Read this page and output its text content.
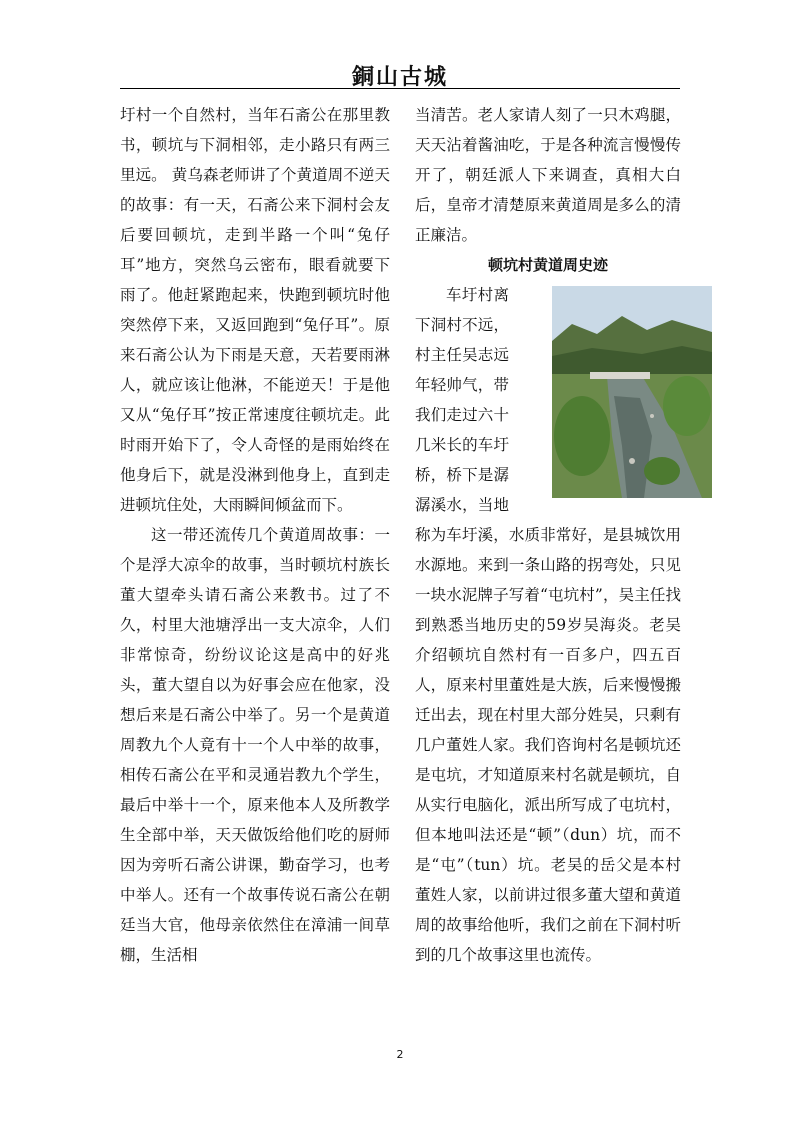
銅山古城

圩村一个自然村，当年石斋公在那里教书，顿坑与下洞相邻，走小路只有两三里远。 黄乌森老师讲了个黄道周不逆天的故事：有一天，石斋公来下洞村会友后要回顿坑，走到半路一个叫“兔仔耳”地方，突然乌云密布，眼看就要下雨了。他赶紧跑起来，快跑到顿坑时他突然停下来，又返回跑到“兔仔耳”。原来石斋公认为下雨是天意，天若要雨淋人，就应该让他淋，不能逆天！于是他又从“兔仔耳”按正常速度往顿坑走。此时雨开始下了，令人奇怪的是雨始终在他身后下，就是没淋到他身上，直到走进顿坑住处，大雨瞬间倾盆而下。

这一带还流传几个黄道周故事：一个是浮大凉伞的故事，当时顿坑村族长董大望牵头请石斋公来教书。过了不久，村里大池塘浮出一支大凉伞，人们非常惊奇，纷纷议论这是高中的好兆头，董大望自以为好事会应在他家，没想后来是石斋公中举了。另一个是黄道周教九个人竟有十一个人中举的故事，相传石斋公在平和灵通岩教九个学生，最后中举十一个，原来他本人及所教学生全部中举，天天做饭给他们吃的厨师因为旁听石斋公讲课，勤奋学习，也考中举人。还有一个故事传说石斋公在朝廷当大官，他母亲依然住在漳浦一间草棚，生活相

当清苦。老人家请人刻了一只木鸡腿，天天沾着酱油吃，于是各种流言慢慢传开了，朝廷派人下来调查，真相大白后，皇帝才清楚原来黄道周是多么的清正廉洁。

顿坑村黄道周史迹

车圩村离下洞村不远，村主任吴志远年轻帅气，带我们走过六十几米长的车圩桥，桥下是潺潺溪水，当地称为车圩溪，水质非常好，是县城饮用水源地。来到一条山路的拐弯处，只见一块水泥牌子写着“屯坑村”，吴主任找到熟悉当地历史的59岁吴海炎。老吴介绍顿坑自然村有一百多户，四五百人，原来村里董姓是大族，后来慢慢搬迁出去，现在村里大部分姓吴，只剩有几户董姓人家。我们咨询村名是顿坑还是屯坑，才知道原来村名就是顿坑，自从实行电脑化，派出所写成了屯坑村，但本地叫法还是“顿”（dun）坑，而不是“屯”（tun）坑。老吴的岳父是本村董姓人家，以前讲过很多董大望和黄道周的故事给他听，我们之前在下洞村听到的几个故事这里也流传。

2
